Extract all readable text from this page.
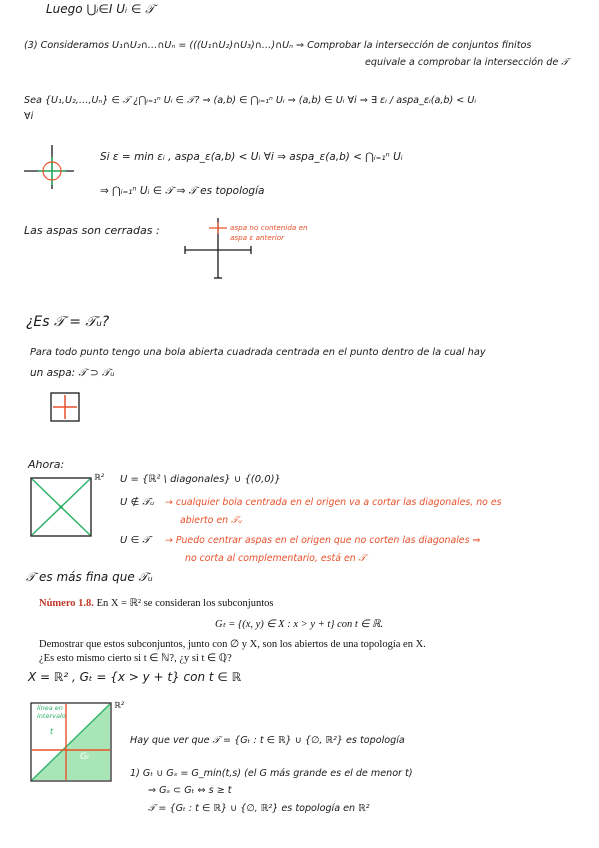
Luego ⋃ᵢ∈I Uᵢ ∈ 𝒯
(3) Consideramos U₁∩U₂∩…∩Uₙ = (((U₁∩U₂)∩U₃)∩…)∩Uₙ ⇒ Comprobar la intersección de conjuntos finitos
equivale a comprobar la intersección de 𝒯
Sea {U₁,U₂,…,Uₙ} ∈ 𝒯 ¿⋂ᵢ₌₁ⁿ Uᵢ ∈ 𝒯? ⇒ (a,b) ∈ ⋂ᵢ₌₁ⁿ Uᵢ ⇒ (a,b) ∈ Uᵢ ∀i ⇒ ∃ εᵢ / aspa_εᵢ(a,b) < Uᵢ
∀i
Si ε = min εᵢ , aspa_ε(a,b) < Uᵢ ∀i ⇒ aspa_ε(a,b) < ⋂ᵢ₌₁ⁿ Uᵢ
⇒ ⋂ᵢ₌₁ⁿ Uᵢ ∈ 𝒯 ⇒ 𝒯 es topología
Las aspas son cerradas :	aspa no contenida en aspa ε anterior
¿Es 𝒯 = 𝒯ᵤ?
Para todo punto tengo una bola abierta cuadrada centrada en el punto dentro de la cual hay
un aspa: 𝒯 ⊃ 𝒯ᵤ
Ahora:
ℝ² U = {ℝ² \ diagonales} ∪ {(0,0)}
U ∉ 𝒯ᵤ → cualquier bola centrada en el origen va a cortar las diagonales, no es
abierto en 𝒯ᵤ
U ∈ 𝒯 → Puedo centrar aspas en el origen que no corten las diagonales ⇒
no corta al complementario, está en 𝒯
𝒯 es más fina que 𝒯ᵤ
Número 1.8. En X = ℝ² se consideran los subconjuntos
Gₜ = {(x, y) ∈ X : x > y + t} con t ∈ ℝ.
Demostrar que estos subconjuntos, junto con ∅ y X, son los abiertos de una topología en X.
¿Es esto mismo cierto si t ∈ ℕ?, ¿y si t ∈ ℚ?
X = ℝ² , Gₜ = {x > y + t} con t ∈ ℝ
línea en intervalo
t
Gₜ
ℝ²
Hay que ver que 𝒯 = {Gₜ : t ∈ ℝ} ∪ {∅, ℝ²} es topología
1) Gₜ ∪ Gₛ = G_min(t,s) (el G más grande es el de menor t)
⇒ Gₛ ⊂ Gₜ ⇔ s ≥ t
𝒯 = {Gₜ : t ∈ ℝ} ∪ {∅, ℝ²} es topología en ℝ²
